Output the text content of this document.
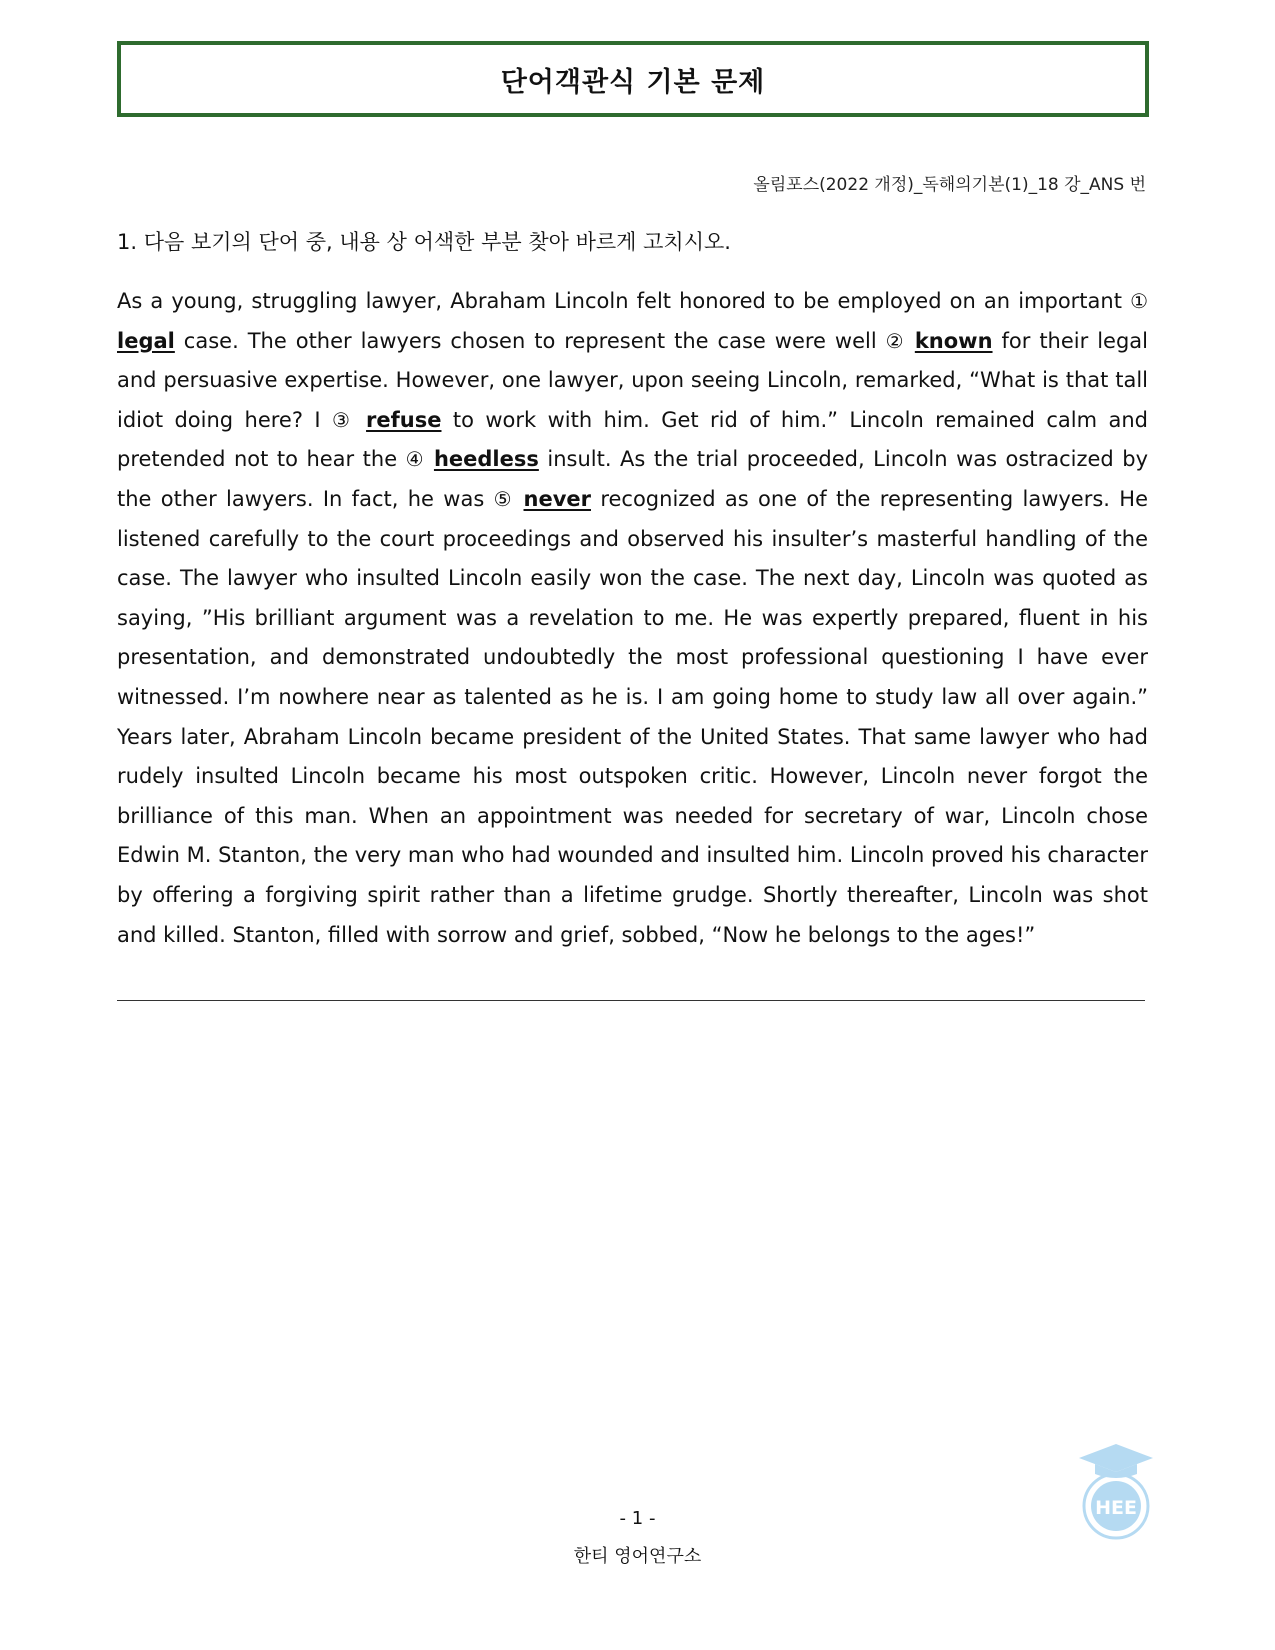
단어객관식 기본 문제
올림포스(2022 개정)_독해의기본(1)_18 강_ANS 번
1. 다음 보기의 단어 중, 내용 상 어색한 부분 찾아 바르게 고치시오.

As a young, struggling lawyer, Abraham Lincoln felt honored to be employed on an important ① legal case. The other lawyers chosen to represent the case were well ② known for their legal and persuasive expertise. However, one lawyer, upon seeing Lincoln, remarked, “What is that tall idiot doing here? I ③ refuse to work with him. Get rid of him.” Lincoln remained calm and pretended not to hear the ④ heedless insult. As the trial proceeded, Lincoln was ostracized by the other lawyers. In fact, he was ⑤ never recognized as one of the representing lawyers. He listened carefully to the court proceedings and observed his insulter’s masterful handling of the case. The lawyer who insulted Lincoln easily won the case. The next day, Lincoln was quoted as saying, ”His brilliant argument was a revelation to me. He was expertly prepared, fluent in his presentation, and demonstrated undoubtedly the most professional questioning I have ever witnessed. I’m nowhere near as talented as he is. I am going home to study law all over again.” Years later, Abraham Lincoln became president of the United States. That same lawyer who had rudely insulted Lincoln became his most outspoken critic. However, Lincoln never forgot the brilliance of this man. When an appointment was needed for secretary of war, Lincoln chose Edwin M. Stanton, the very man who had wounded and insulted him. Lincoln proved his character by offering a forgiving spirit rather than a lifetime grudge. Shortly thereafter, Lincoln was shot and killed. Stanton, filled with sorrow and grief, sobbed, “Now he belongs to the ages!”

HEE
- 1 -
한티 영어연구소
